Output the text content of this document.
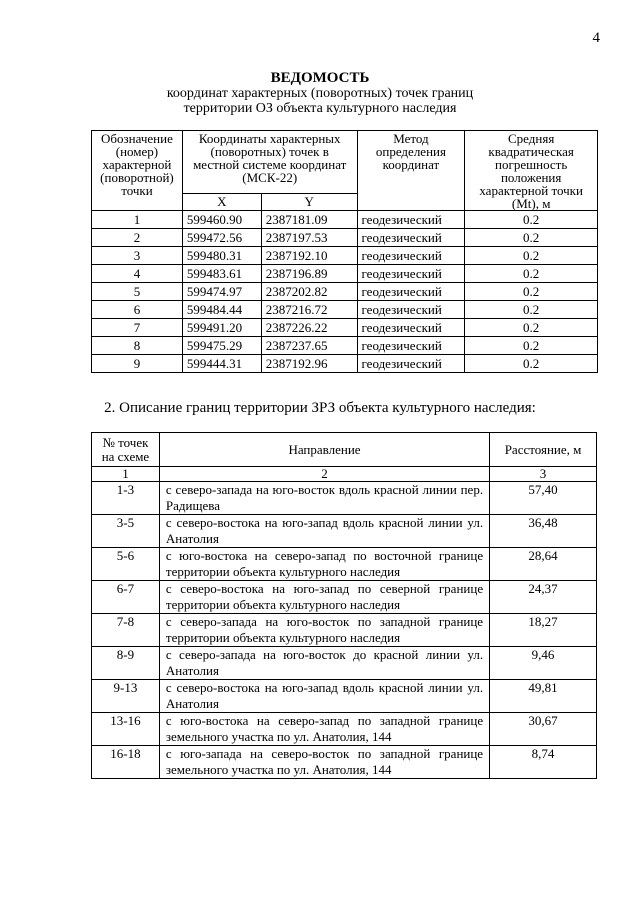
4
ВЕДОМОСТЬ
координат характерных (поворотных) точек границ
территории ОЗ объекта культурного наследия
Обозначение (номер) характерной (поворотной) точки	Координаты характерных (поворотных) точек в местной системе координат (МСК-22)		Метод определения координат	Средняя квадратическая погрешность положения характерной точки (Mt), м
	X	Y		
1	599460.90	2387181.09	геодезический	0.2
2	599472.56	2387197.53	геодезический	0.2
3	599480.31	2387192.10	геодезический	0.2
4	599483.61	2387196.89	геодезический	0.2
5	599474.97	2387202.82	геодезический	0.2
6	599484.44	2387216.72	геодезический	0.2
7	599491.20	2387226.22	геодезический	0.2
8	599475.29	2387237.65	геодезический	0.2
9	599444.31	2387192.96	геодезический	0.2
2. Описание границ территории ЗРЗ объекта культурного наследия:
№ точек на схеме	Направление	Расстояние, м
1	2	3
1-3	с северо-запада на юго-восток вдоль красной линии пер. Радищева	57,40
3-5	с северо-востока на юго-запад вдоль красной линии ул. Анатолия	36,48
5-6	с юго-востока на северо-запад по восточной границе территории объекта культурного наследия	28,64
6-7	с северо-востока на юго-запад по северной границе территории объекта культурного наследия	24,37
7-8	с северо-запада на юго-восток по западной границе территории объекта культурного наследия	18,27
8-9	с северо-запада на юго-восток до красной линии ул. Анатолия	9,46
9-13	с северо-востока на юго-запад вдоль красной линии ул. Анатолия	49,81
13-16	с юго-востока на северо-запад по западной границе земельного участка по ул. Анатолия, 144	30,67
16-18	с юго-запада на северо-восток по западной границе земельного участка по ул. Анатолия, 144	8,74
